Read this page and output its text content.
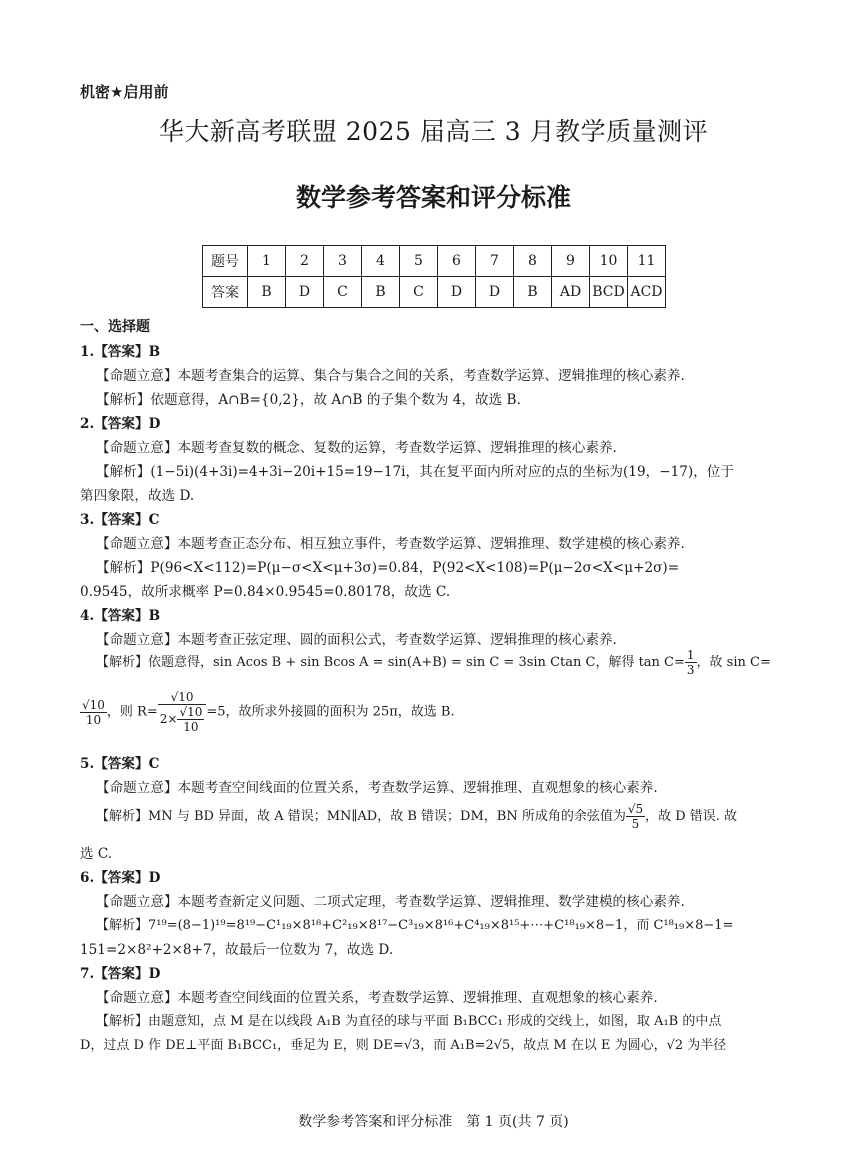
机密★启用前
华大新高考联盟 2025 届高三 3 月教学质量测评
数学参考答案和评分标准
题号	1	2	3	4	5	6	7	8	9	10	11
答案	B	D	C	B	C	D	D	B	AD	BCD	ACD
一、选择题
1.【答案】B
【命题立意】本题考查集合的运算、集合与集合之间的关系，考查数学运算、逻辑推理的核心素养.
【解析】依题意得，A∩B={0,2}，故 A∩B 的子集个数为 4，故选 B.
2.【答案】D
【命题立意】本题考查复数的概念、复数的运算，考查数学运算、逻辑推理的核心素养.
【解析】(1−5i)(4+3i)=4+3i−20i+15=19−17i，其在复平面内所对应的点的坐标为(19，−17)，位于
第四象限，故选 D.
3.【答案】C
【命题立意】本题考查正态分布、相互独立事件，考查数学运算、逻辑推理、数学建模的核心素养.
【解析】P(96<X<112)=P(μ−σ<X<μ+3σ)=0.84，P(92<X<108)=P(μ−2σ<X<μ+2σ)=
0.9545，故所求概率 P=0.84×0.9545=0.80178，故选 C.
4.【答案】B
【命题立意】本题考查正弦定理、圆的面积公式，考查数学运算、逻辑推理的核心素养.
【解析】依题意得，sin Acos B + sin Bcos A = sin(A+B) = sin C = 3sin Ctan C，解得 $\tan C= \frac{1}{3}$ ，故 sin C=
$\frac{√10}{10}$ ，则 $R= \frac{√10}{2\times \frac{√10}{10}} =5$，故所求外接圆的面积为 25π，故选 B.
5.【答案】C
【命题立意】本题考查空间线面的位置关系，考查数学运算、逻辑推理、直观想象的核心素养.
【解析】MN 与 BD 异面，故 A 错误；MN∥AD，故 B 错误；DM，BN 所成角的余弦值为 $\frac{√5}{5}$ ，故 D 错误. 故
选 C.
6.【答案】D
【命题立意】本题考查新定义问题、二项式定理，考查数学运算、逻辑推理、数学建模的核心素养.
【解析】7¹⁹=(8−1)¹⁹=8¹⁹−C¹₁₉×8¹⁸+C²₁₉×8¹⁷−C³₁₉×8¹⁶+C⁴₁₉×8¹⁵+⋯+C¹⁸₁₉×8−1，而 C¹⁸₁₉×8−1=
151=2×8²+2×8+7，故最后一位数为 7，故选 D.
7.【答案】D
【命题立意】本题考查空间线面的位置关系，考查数学运算、逻辑推理、直观想象的核心素养.
【解析】由题意知，点 M 是在以线段 A₁B 为直径的球与平面 B₁BCC₁ 形成的交线上，如图，取 A₁B 的中点
D，过点 D 作 DE⊥平面 B₁BCC₁，垂足为 E，则 DE=√3，而 A₁B=2√5，故点 M 在以 E 为圆心，√2 为半径
数学参考答案和评分标准　第 1 页(共 7 页)
